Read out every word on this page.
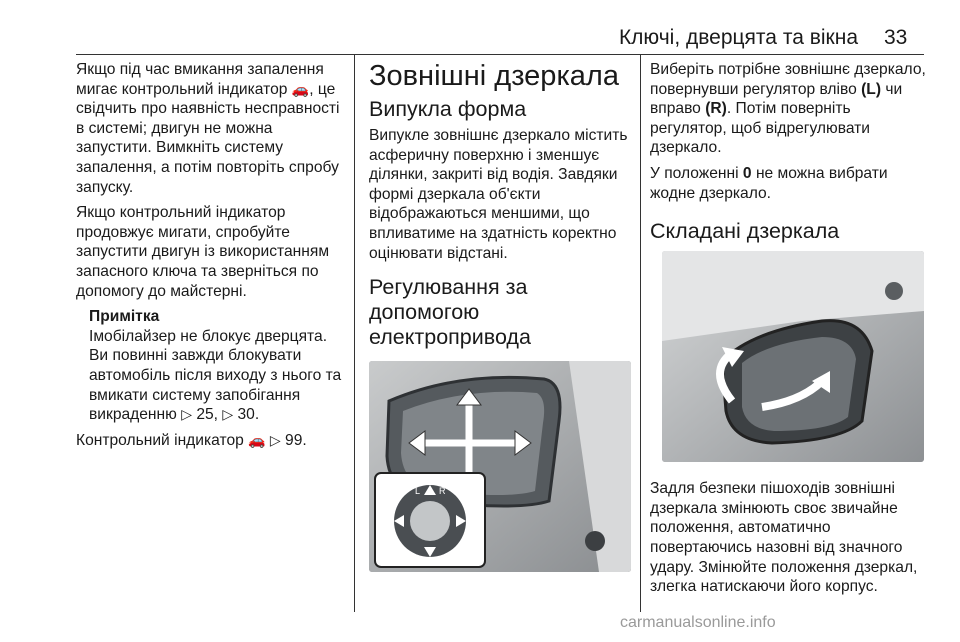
Ключі, дверцята та вікна 33

Якщо під час вмикання запалення мигає контрольний індикатор 🚗, це свідчить про наявність несправності в системі; двигун не можна запустити. Вимкніть систему запалення, а потім повторіть спробу запуску.

Якщо контрольний індикатор продовжує мигати, спробуйте запустити двигун із використанням запасного ключа та зверніться по допомогу до майстерні.

Примітка
Імобілайзер не блокує дверцята. Ви повинні завжди блокувати автомобіль після виходу з нього та вмикати систему запобігання викраденню ▷ 25, ▷ 30.

Контрольний індикатор 🚗 ▷ 99.

Зовнішні дзеркала
Випукла форма

Випукле зовнішнє дзеркало містить асферичну поверхню і зменшує ділянки, закриті від водія. Завдяки формі дзеркала об'єкти відображаються меншими, що впливатиме на здатність коректно оцінювати відстані.

Регулювання за допомогою електропривода
L R

Виберіть потрібне зовнішнє дзеркало, повернувши регулятор вліво (L) чи вправо (R). Потім поверніть регулятор, щоб відрегулювати дзеркало.

У положенні 0 не можна вибрати жодне дзеркало.

Складані дзеркала

Задля безпеки пішоходів зовнішні дзеркала змінюють своє звичайне положення, автоматично повертаючись назовні від значного удару. Змінюйте положення дзеркал, злегка натискаючи його корпус.

carmanualsonline.info
